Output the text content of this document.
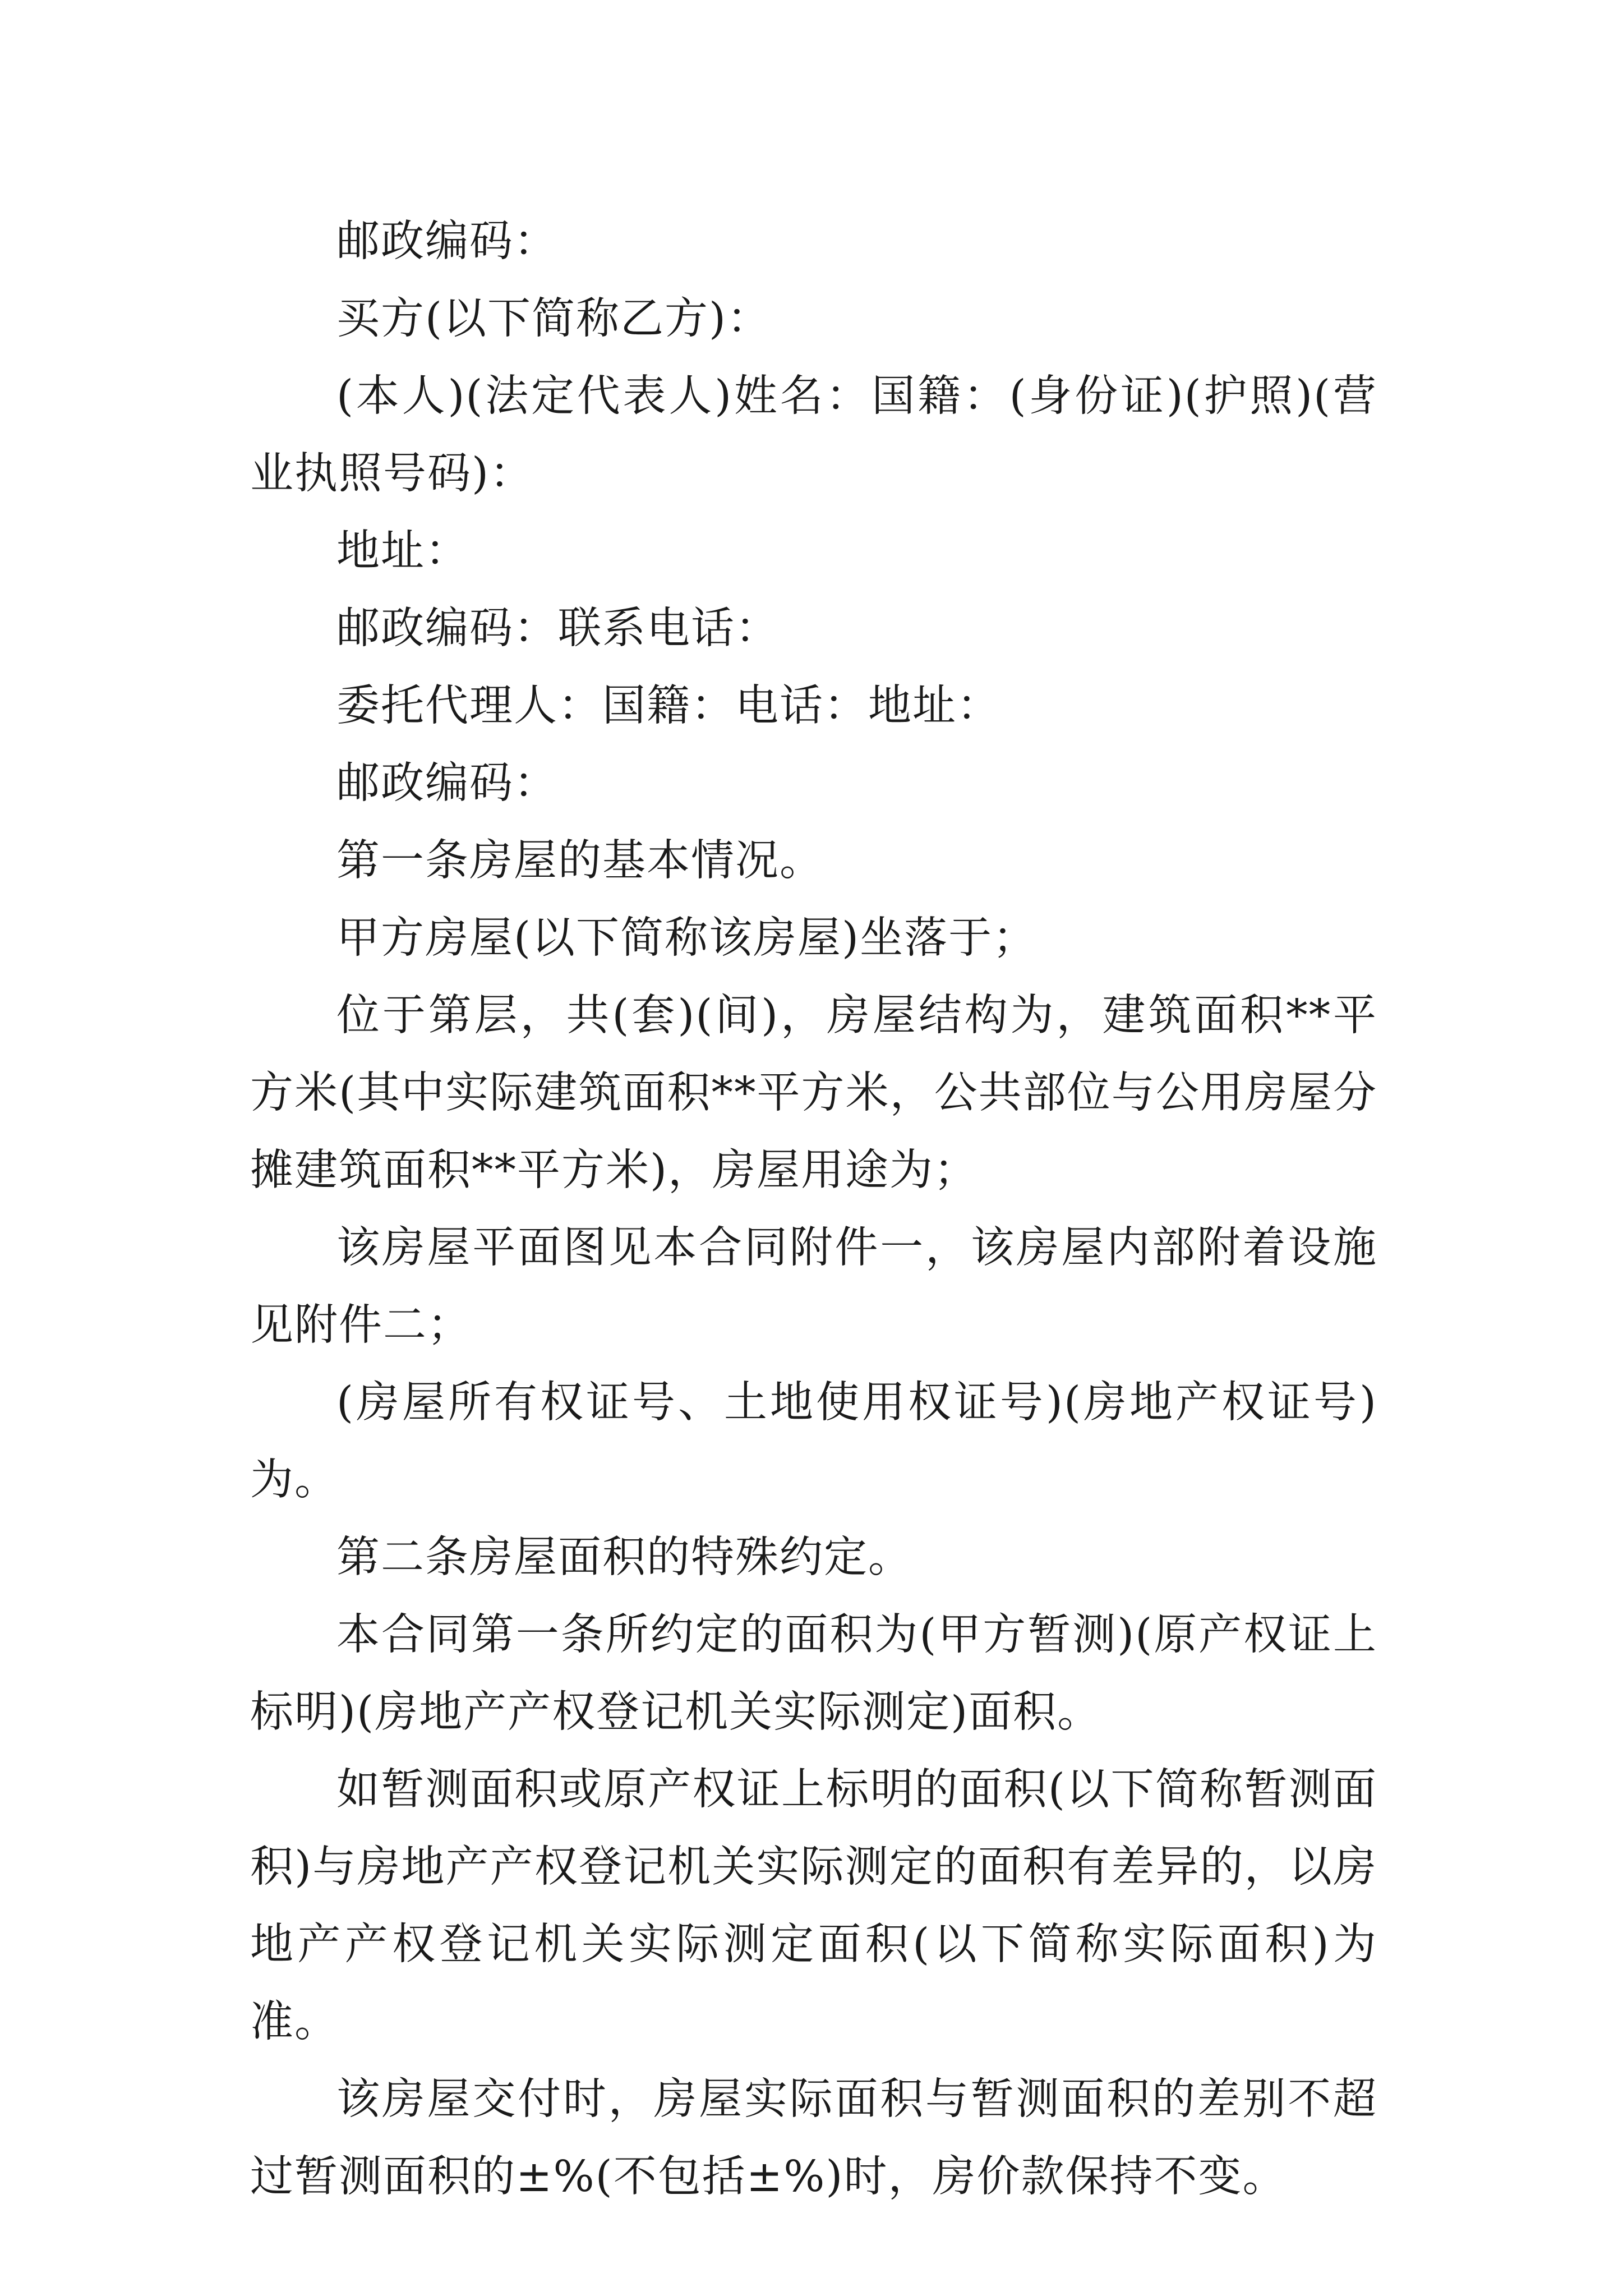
邮政编码：

买方(以下简称乙方)：

(本人)(法定代表人)姓名：国籍：(身份证)(护照)(营业执照号码)：

地址：

邮政编码：联系电话：

委托代理人：国籍：电话：地址：

邮政编码：

第一条房屋的基本情况。

甲方房屋(以下简称该房屋)坐落于；

位于第层，共(套)(间)，房屋结构为，建筑面积**平方米(其中实际建筑面积**平方米，公共部位与公用房屋分摊建筑面积**平方米)，房屋用途为；

该房屋平面图见本合同附件一，该房屋内部附着设施见附件二；

(房屋所有权证号、土地使用权证号)(房地产权证号)为。

第二条房屋面积的特殊约定。

本合同第一条所约定的面积为(甲方暂测)(原产权证上标明)(房地产产权登记机关实际测定)面积。

如暂测面积或原产权证上标明的面积(以下简称暂测面积)与房地产产权登记机关实际测定的面积有差异的，以房地产产权登记机关实际测定面积(以下简称实际面积)为准。

该房屋交付时，房屋实际面积与暂测面积的差别不超过暂测面积的±%(不包括±%)时，房价款保持不变。
